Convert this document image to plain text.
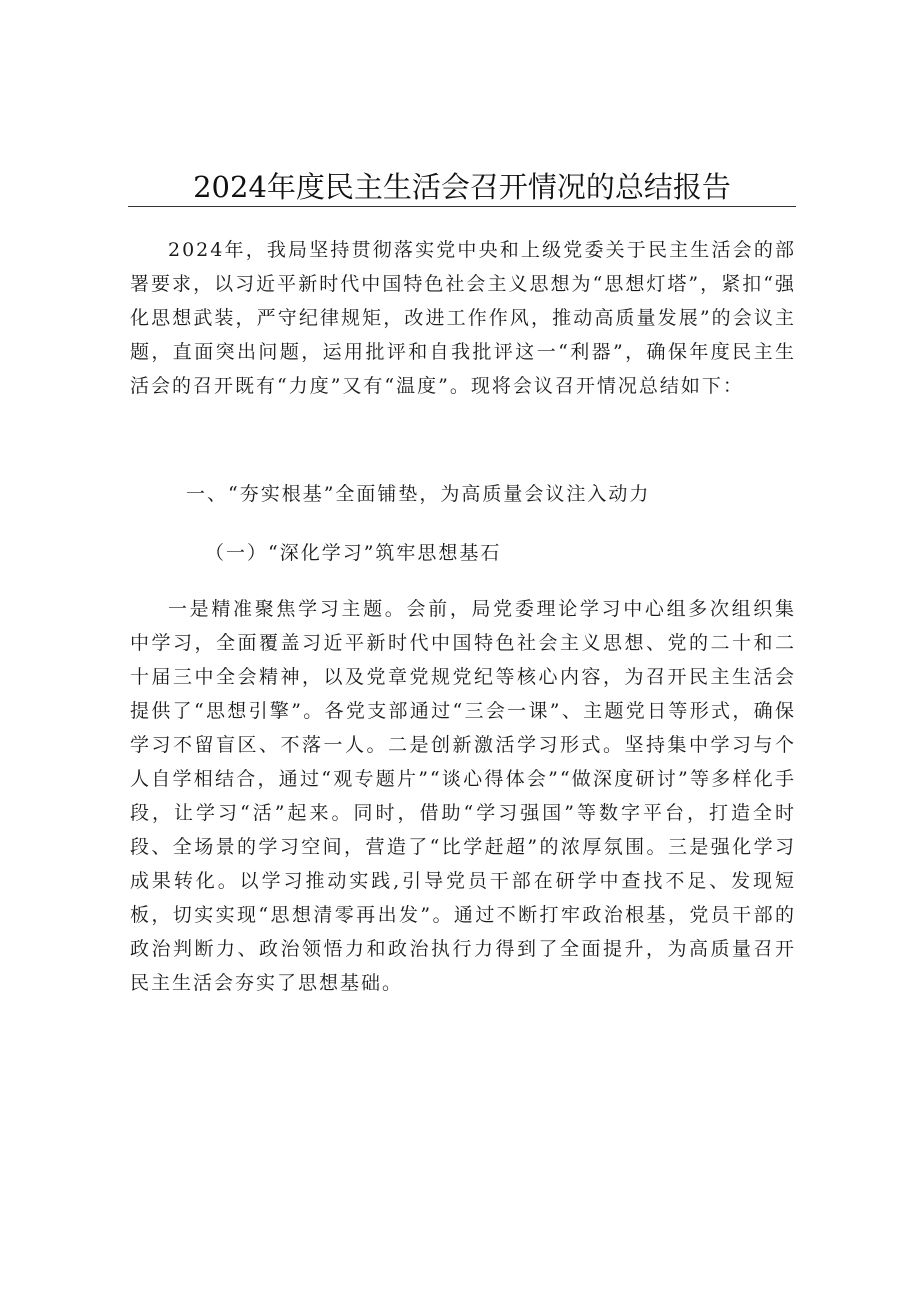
2024年度民主生活会召开情况的总结报告

2024年，我局坚持贯彻落实党中央和上级党委关于民主生活会的部署要求，以习近平新时代中国特色社会主义思想为“思想灯塔”，紧扣“强化思想武装，严守纪律规矩，改进工作作风，推动高质量发展”的会议主题，直面突出问题，运用批评和自我批评这一“利器”，确保年度民主生活会的召开既有“力度”又有“温度”。现将会议召开情况总结如下：

一、“夯实根基”全面铺垫，为高质量会议注入动力

（一）“深化学习”筑牢思想基石

一是精准聚焦学习主题。会前，局党委理论学习中心组多次组织集中学习，全面覆盖习近平新时代中国特色社会主义思想、党的二十和二十届三中全会精神，以及党章党规党纪等核心内容，为召开民主生活会提供了“思想引擎”。各党支部通过“三会一课”、主题党日等形式，确保学习不留盲区、不落一人。二是创新激活学习形式。坚持集中学习与个人自学相结合，通过“观专题片”“谈心得体会”“做深度研讨”等多样化手段，让学习“活”起来。同时，借助“学习强国”等数字平台，打造全时段、全场景的学习空间，营造了“比学赶超”的浓厚氛围。三是强化学习成果转化。以学习推动实践,引导党员干部在研学中查找不足、发现短板，切实实现“思想清零再出发”。通过不断打牢政治根基，党员干部的政治判断力、政治领悟力和政治执行力得到了全面提升，为高质量召开民主生活会夯实了思想基础。
